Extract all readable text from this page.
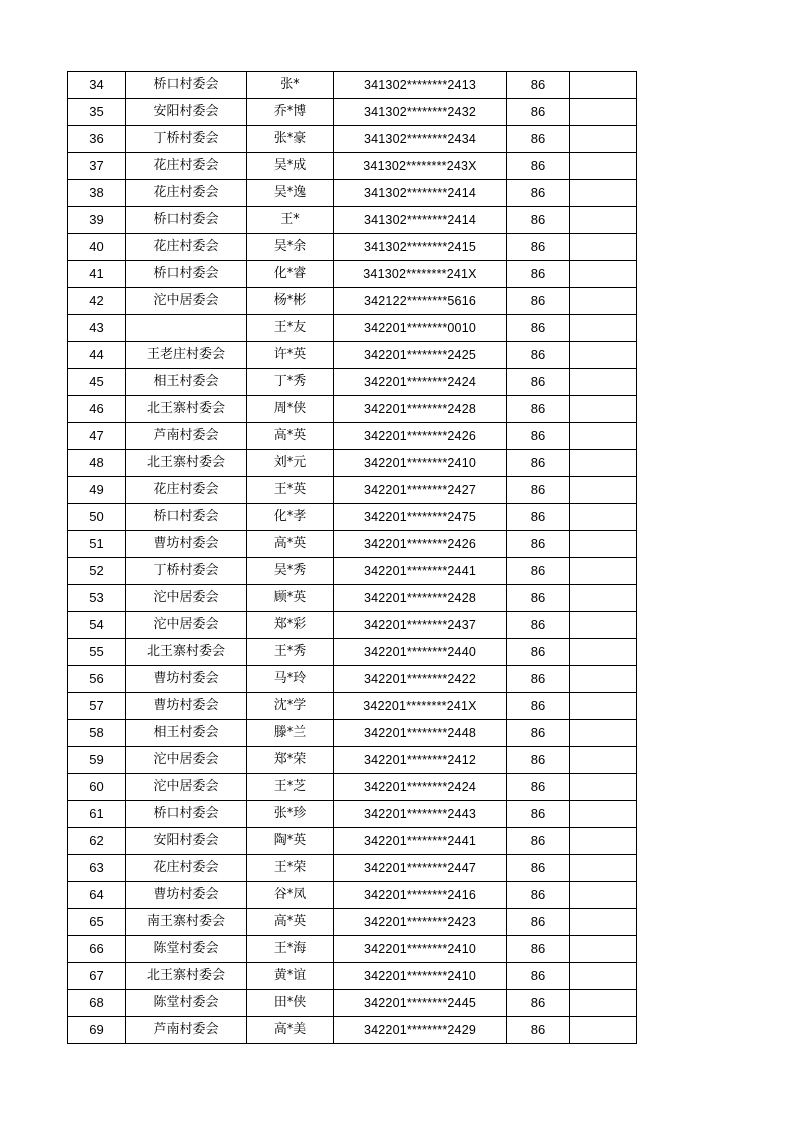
34	桥口村委会	张*	341302********2413	86	
35	安阳村委会	乔*博	341302********2432	86	
36	丁桥村委会	张*豪	341302********2434	86	
37	花庄村委会	吴*成	341302********243X	86	
38	花庄村委会	吴*逸	341302********2414	86	
39	桥口村委会	王*	341302********2414	86	
40	花庄村委会	吴*余	341302********2415	86	
41	桥口村委会	化*睿	341302********241X	86	
42	沱中居委会	杨*彬	342122********5616	86	
43		王*友	342201********0010	86	
44	王老庄村委会	许*英	342201********2425	86	
45	相王村委会	丁*秀	342201********2424	86	
46	北王寨村委会	周*侠	342201********2428	86	
47	芦南村委会	高*英	342201********2426	86	
48	北王寨村委会	刘*元	342201********2410	86	
49	花庄村委会	王*英	342201********2427	86	
50	桥口村委会	化*孝	342201********2475	86	
51	曹坊村委会	高*英	342201********2426	86	
52	丁桥村委会	吴*秀	342201********2441	86	
53	沱中居委会	顾*英	342201********2428	86	
54	沱中居委会	郑*彩	342201********2437	86	
55	北王寨村委会	王*秀	342201********2440	86	
56	曹坊村委会	马*玲	342201********2422	86	
57	曹坊村委会	沈*学	342201********241X	86	
58	相王村委会	滕*兰	342201********2448	86	
59	沱中居委会	郑*荣	342201********2412	86	
60	沱中居委会	王*芝	342201********2424	86	
61	桥口村委会	张*珍	342201********2443	86	
62	安阳村委会	陶*英	342201********2441	86	
63	花庄村委会	王*荣	342201********2447	86	
64	曹坊村委会	谷*凤	342201********2416	86	
65	南王寨村委会	高*英	342201********2423	86	
66	陈堂村委会	王*海	342201********2410	86	
67	北王寨村委会	黄*谊	342201********2410	86	
68	陈堂村委会	田*侠	342201********2445	86	
69	芦南村委会	高*美	342201********2429	86	
